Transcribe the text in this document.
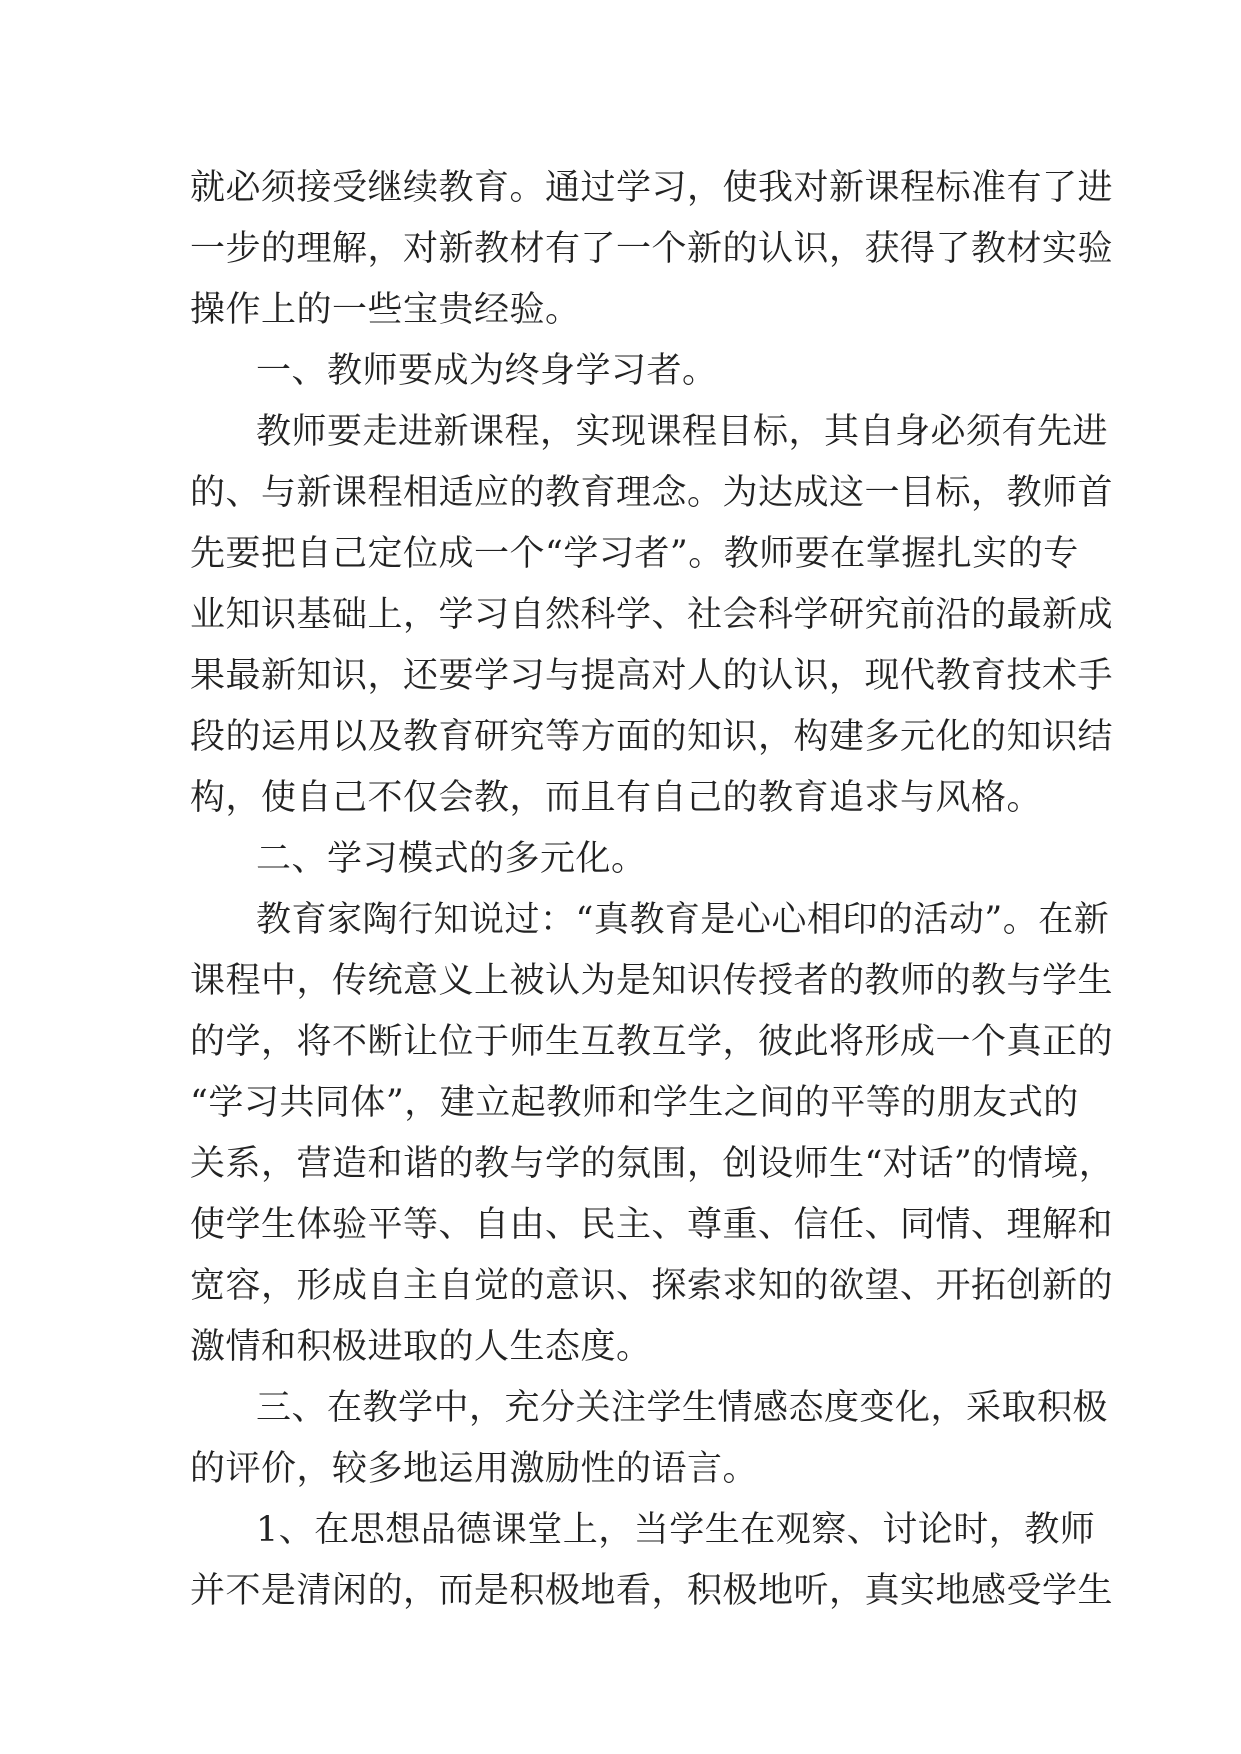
就必须接受继续教育。通过学习，使我对新课程标准有了进
一步的理解，对新教材有了一个新的认识，获得了教材实验
操作上的一些宝贵经验。
一、教师要成为终身学习者。
教师要走进新课程，实现课程目标，其自身必须有先进
的、与新课程相适应的教育理念。为达成这一目标，教师首
先要把自己定位成一个“学习者”。教师要在掌握扎实的专
业知识基础上，学习自然科学、社会科学研究前沿的最新成
果最新知识，还要学习与提高对人的认识，现代教育技术手
段的运用以及教育研究等方面的知识，构建多元化的知识结
构，使自己不仅会教，而且有自己的教育追求与风格。
二、学习模式的多元化。
教育家陶行知说过：“真教育是心心相印的活动”。在新
课程中，传统意义上被认为是知识传授者的教师的教与学生
的学，将不断让位于师生互教互学，彼此将形成一个真正的
“学习共同体”，建立起教师和学生之间的平等的朋友式的
关系，营造和谐的教与学的氛围，创设师生“对话”的情境，
使学生体验平等、自由、民主、尊重、信任、同情、理解和
宽容，形成自主自觉的意识、探索求知的欲望、开拓创新的
激情和积极进取的人生态度。
三、在教学中，充分关注学生情感态度变化，采取积极
的评价，较多地运用激励性的语言。
1、在思想品德课堂上，当学生在观察、讨论时，教师
并不是清闲的，而是积极地看，积极地听，真实地感受学生
